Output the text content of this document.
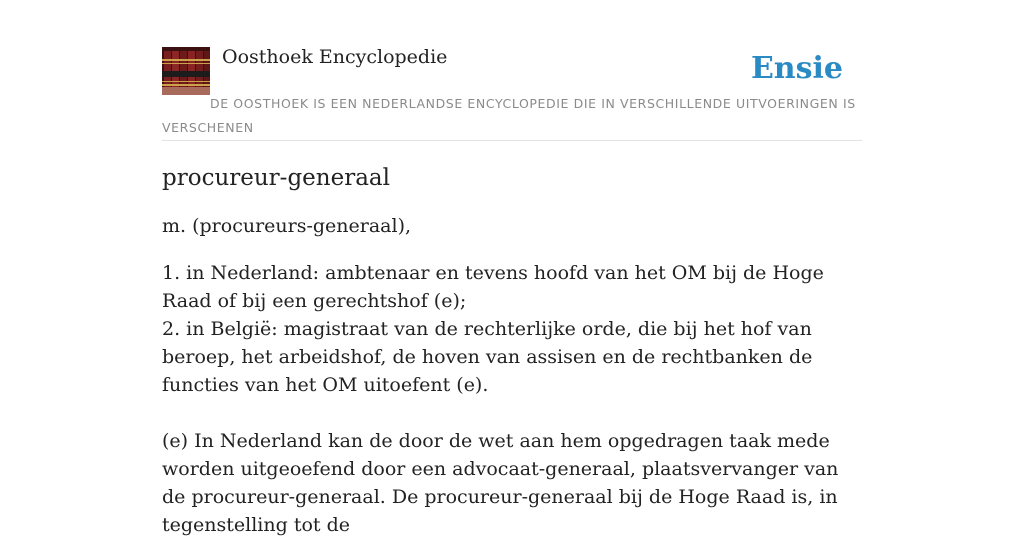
Oosthoek Encyclopedie	Ensie
DE OOSTHOEK IS EEN NEDERLANDSE ENCYCLOPEDIE DIE IN VERSCHILLENDE UITVOERINGEN IS VERSCHENEN
procureur-generaal

m. (procureurs-generaal),

1. in Nederland: ambtenaar en tevens hoofd van het OM bij de Hoge Raad of bij een gerechtshof (e);
2. in België: magistraat van de rechterlijke orde, die bij het hof van beroep, het arbeidshof, de hoven van assisen en de rechtbanken de functies van het OM uitoefent (e).

(e) In Nederland kan de door de wet aan hem opgedragen taak mede worden uitgeoefend door een advocaat-generaal, plaatsvervanger van de procureur-generaal. De procureur-generaal bij de Hoge Raad is, in tegenstelling tot de
